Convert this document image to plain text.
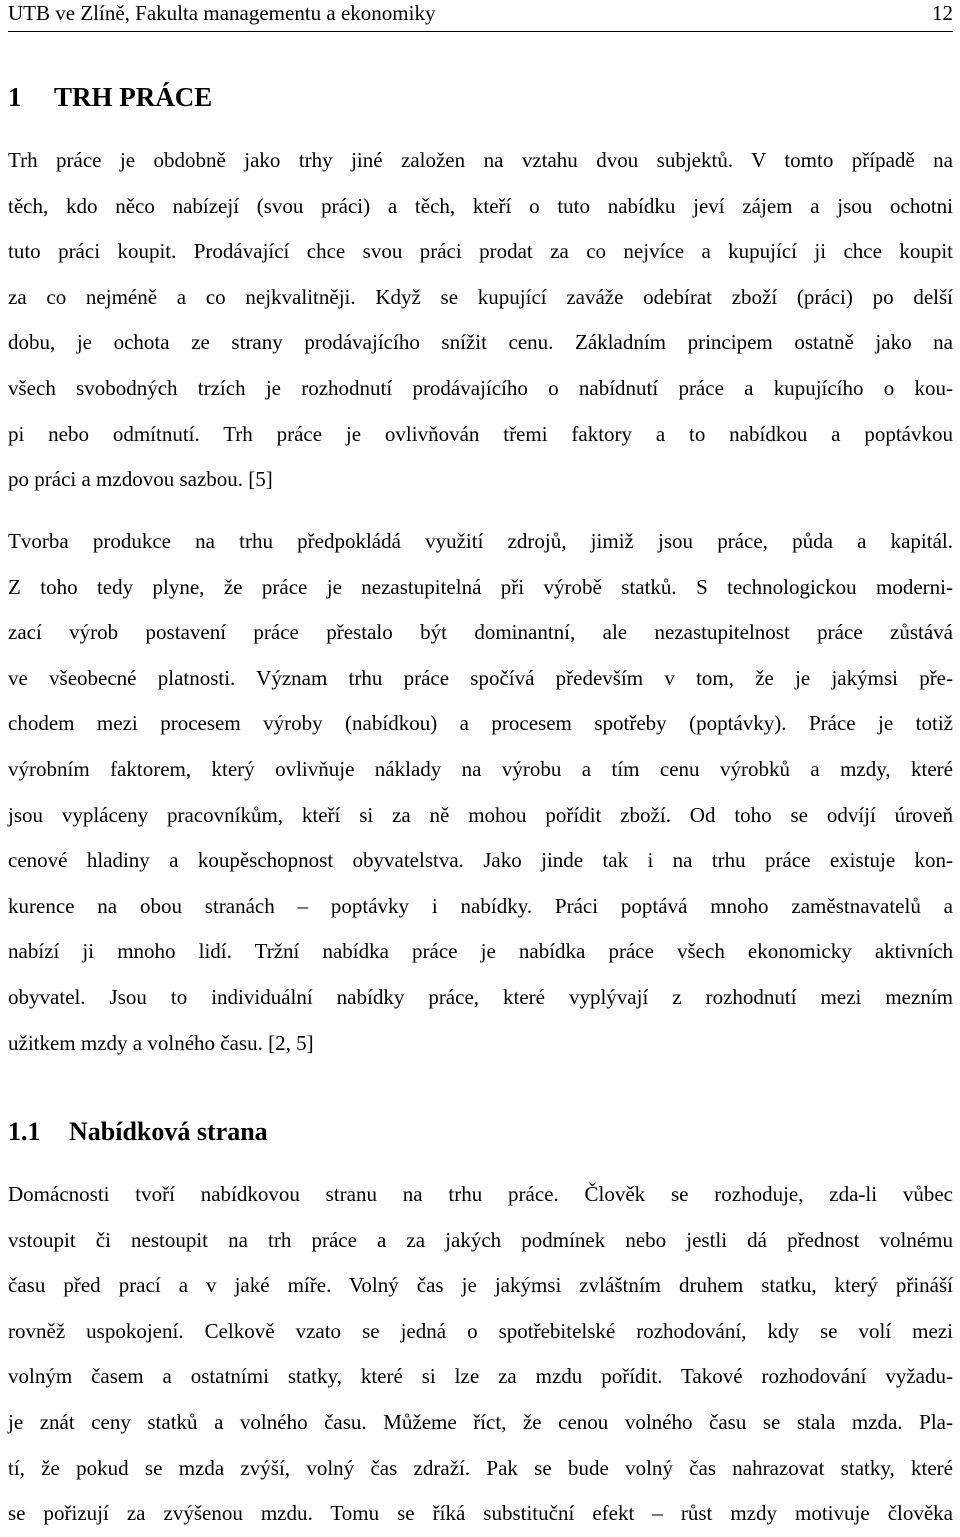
UTB ve Zlíně, Fakulta managementu a ekonomiky	12
1 TRH PRÁCE
Trh práce je obdobně jako trhy jiné založen na vztahu dvou subjektů. V tomto případě na
těch, kdo něco nabízejí (svou práci) a těch, kteří o tuto nabídku jeví zájem a jsou ochotni
tuto práci koupit. Prodávající chce svou práci prodat za co nejvíce a kupující ji chce koupit
za co nejméně a co nejkvalitněji. Když se kupující zaváže odebírat zboží (práci) po delší
dobu, je ochota ze strany prodávajícího snížit cenu. Základním principem ostatně jako na
všech svobodných trzích je rozhodnutí prodávajícího o nabídnutí práce a kupujícího o kou-
pi nebo odmítnutí. Trh práce je ovlivňován třemi faktory a to nabídkou a poptávkou
po práci a mzdovou sazbou. [5]
Tvorba produkce na trhu předpokládá využití zdrojů, jimiž jsou práce, půda a kapitál.
Z toho tedy plyne, že práce je nezastupitelná při výrobě statků. S technologickou moderni-
zací výrob postavení práce přestalo být dominantní, ale nezastupitelnost práce zůstává
ve všeobecné platnosti. Význam trhu práce spočívá především v tom, že je jakýmsi pře-
chodem mezi procesem výroby (nabídkou) a procesem spotřeby (poptávky). Práce je totiž
výrobním faktorem, který ovlivňuje náklady na výrobu a tím cenu výrobků a mzdy, které
jsou vypláceny pracovníkům, kteří si za ně mohou pořídit zboží. Od toho se odvíjí úroveň
cenové hladiny a koupěschopnost obyvatelstva. Jako jinde tak i na trhu práce existuje kon-
kurence na obou stranách – poptávky i nabídky. Práci poptává mnoho zaměstnavatelů a
nabízí ji mnoho lidí. Tržní nabídka práce je nabídka práce všech ekonomicky aktivních
obyvatel. Jsou to individuální nabídky práce, které vyplývají z rozhodnutí mezi mezním
užitkem mzdy a volného času. [2, 5]
1.1 Nabídková strana
Domácnosti tvoří nabídkovou stranu na trhu práce. Člověk se rozhoduje, zda-li vůbec
vstoupit či nestoupit na trh práce a za jakých podmínek nebo jestli dá přednost volnému
času před prací a v jaké míře. Volný čas je jakýmsi zvláštním druhem statku, který přináší
rovněž uspokojení. Celkově vzato se jedná o spotřebitelské rozhodování, kdy se volí mezi
volným časem a ostatními statky, které si lze za mzdu pořídit. Takové rozhodování vyžadu-
je znát ceny statků a volného času. Můžeme říct, že cenou volného času se stala mzda. Pla-
tí, že pokud se mzda zvýší, volný čas zdraží. Pak se bude volný čas nahrazovat statky, které
se pořizují za zvýšenou mzdu. Tomu se říká substituční efekt – růst mzdy motivuje člověka
